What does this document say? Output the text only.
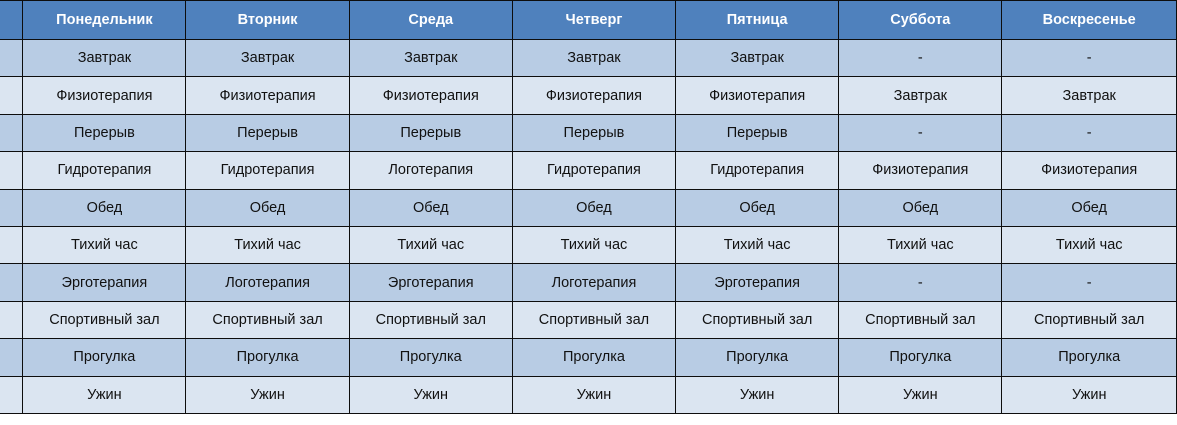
	Понедельник	Вторник	Среда	Четверг	Пятница	Суббота	Воскресенье
	Завтрак	Завтрак	Завтрак	Завтрак	Завтрак	-	-
	Физиотерапия	Физиотерапия	Физиотерапия	Физиотерапия	Физиотерапия	Завтрак	Завтрак
	Перерыв	Перерыв	Перерыв	Перерыв	Перерыв	-	-
	Гидротерапия	Гидротерапия	Логотерапия	Гидротерапия	Гидротерапия	Физиотерапия	Физиотерапия
	Обед	Обед	Обед	Обед	Обед	Обед	Обед
	Тихий час	Тихий час	Тихий час	Тихий час	Тихий час	Тихий час	Тихий час
	Эрготерапия	Логотерапия	Эрготерапия	Логотерапия	Эрготерапия	-	-
	Спортивный зал	Спортивный зал	Спортивный зал	Спортивный зал	Спортивный зал	Спортивный зал	Спортивный зал
	Прогулка	Прогулка	Прогулка	Прогулка	Прогулка	Прогулка	Прогулка
	Ужин	Ужин	Ужин	Ужин	Ужин	Ужин	Ужин
